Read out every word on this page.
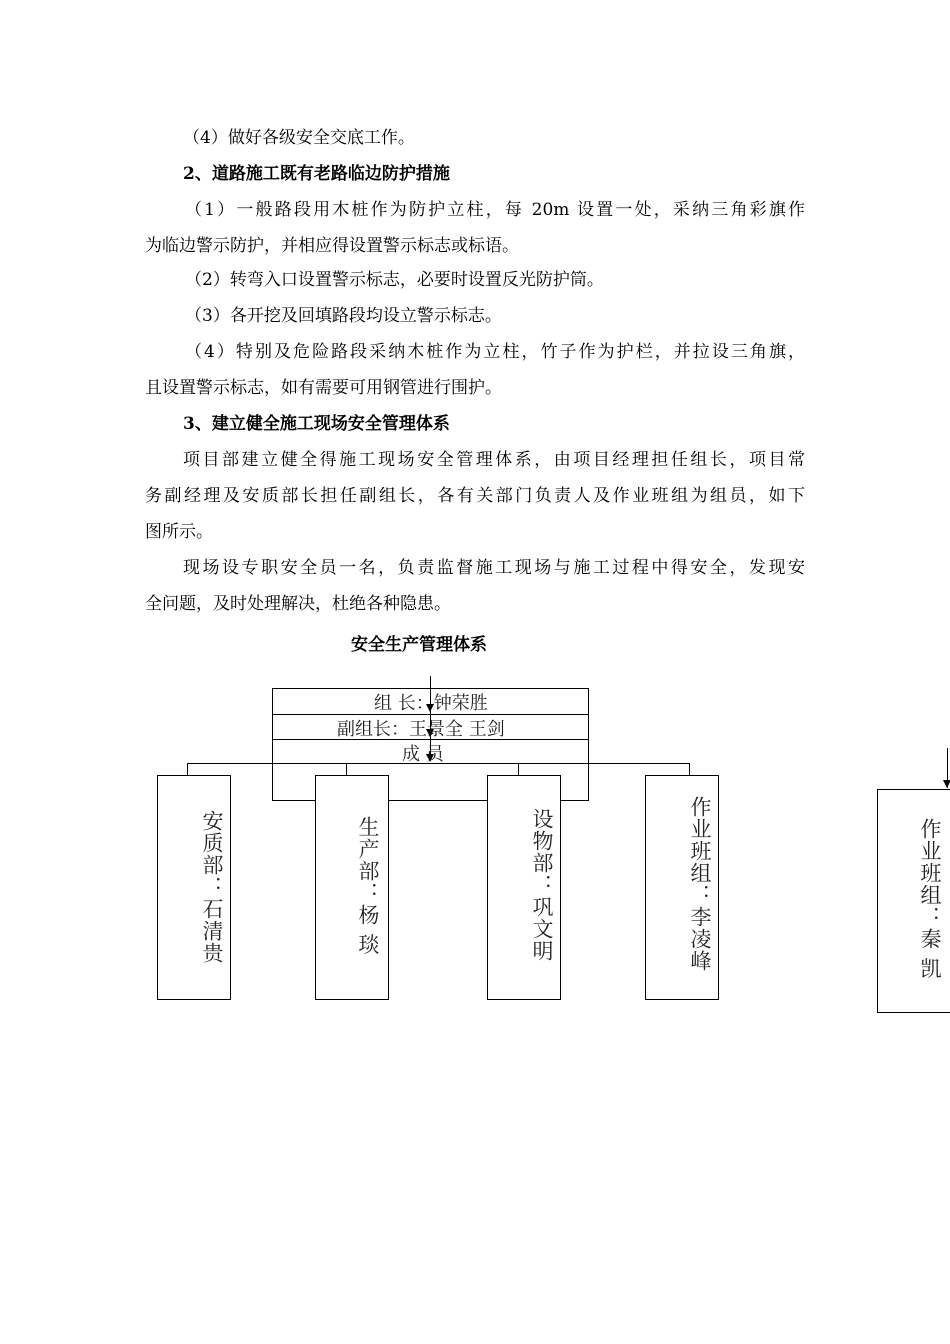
（4）做好各级安全交底工作。
2、道路施工既有老路临边防护措施
（1）一般路段用木桩作为防护立柱，每 20m 设置一处，采纳三角彩旗作
为临边警示防护，并相应得设置警示标志或标语。
（2）转弯入口设置警示标志，必要时设置反光防护筒。
（3）各开挖及回填路段均设立警示标志。
（4）特别及危险路段采纳木桩作为立柱，竹子作为护栏，并拉设三角旗，
且设置警示标志，如有需要可用钢管进行围护。
3、建立健全施工现场安全管理体系
项目部建立健全得施工现场安全管理体系，由项目经理担任组长，项目常
务副经理及安质部长担任副组长，各有关部门负责人及作业班组为组员，如下
图所示。
现场设专职安全员一名，负责监督施工现场与施工过程中得安全，发现安
全问题，及时处理解决，杜绝各种隐患。
安全生产管理体系
组 长：钟荣胜
副组长：王景全 王剑
成 员
安质部：石清贵	生产部：杨 琰	设物部：巩文明	作业班组：李凌峰	作业班组：秦 凯
